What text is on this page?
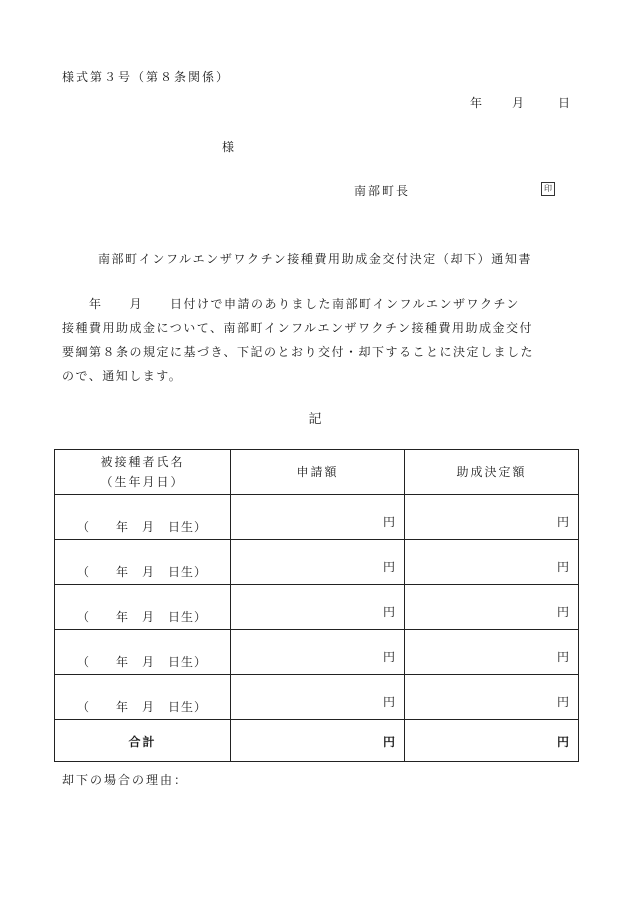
様式第３号（第８条関係）
年	月	日
様
南部町長	印
南部町インフルエンザワクチン接種費用助成金交付決定（却下）通知書
　　年　　月　　日付けで申請のありました南部町インフルエンザワクチン
接種費用助成金について、南部町インフルエンザワクチン接種費用助成金交付
要綱第８条の規定に基づき、下記のとおり交付・却下することに決定しました
ので、通知します。
記
被接種者氏名
（生年月日）	申請額	助成決定額

（　　年　月　日生）	円	円

（　　年　月　日生）	円	円

（　　年　月　日生）	円	円

（　　年　月　日生）	円	円

（　　年　月　日生）	円	円

合計	円	円
却下の場合の理由：
